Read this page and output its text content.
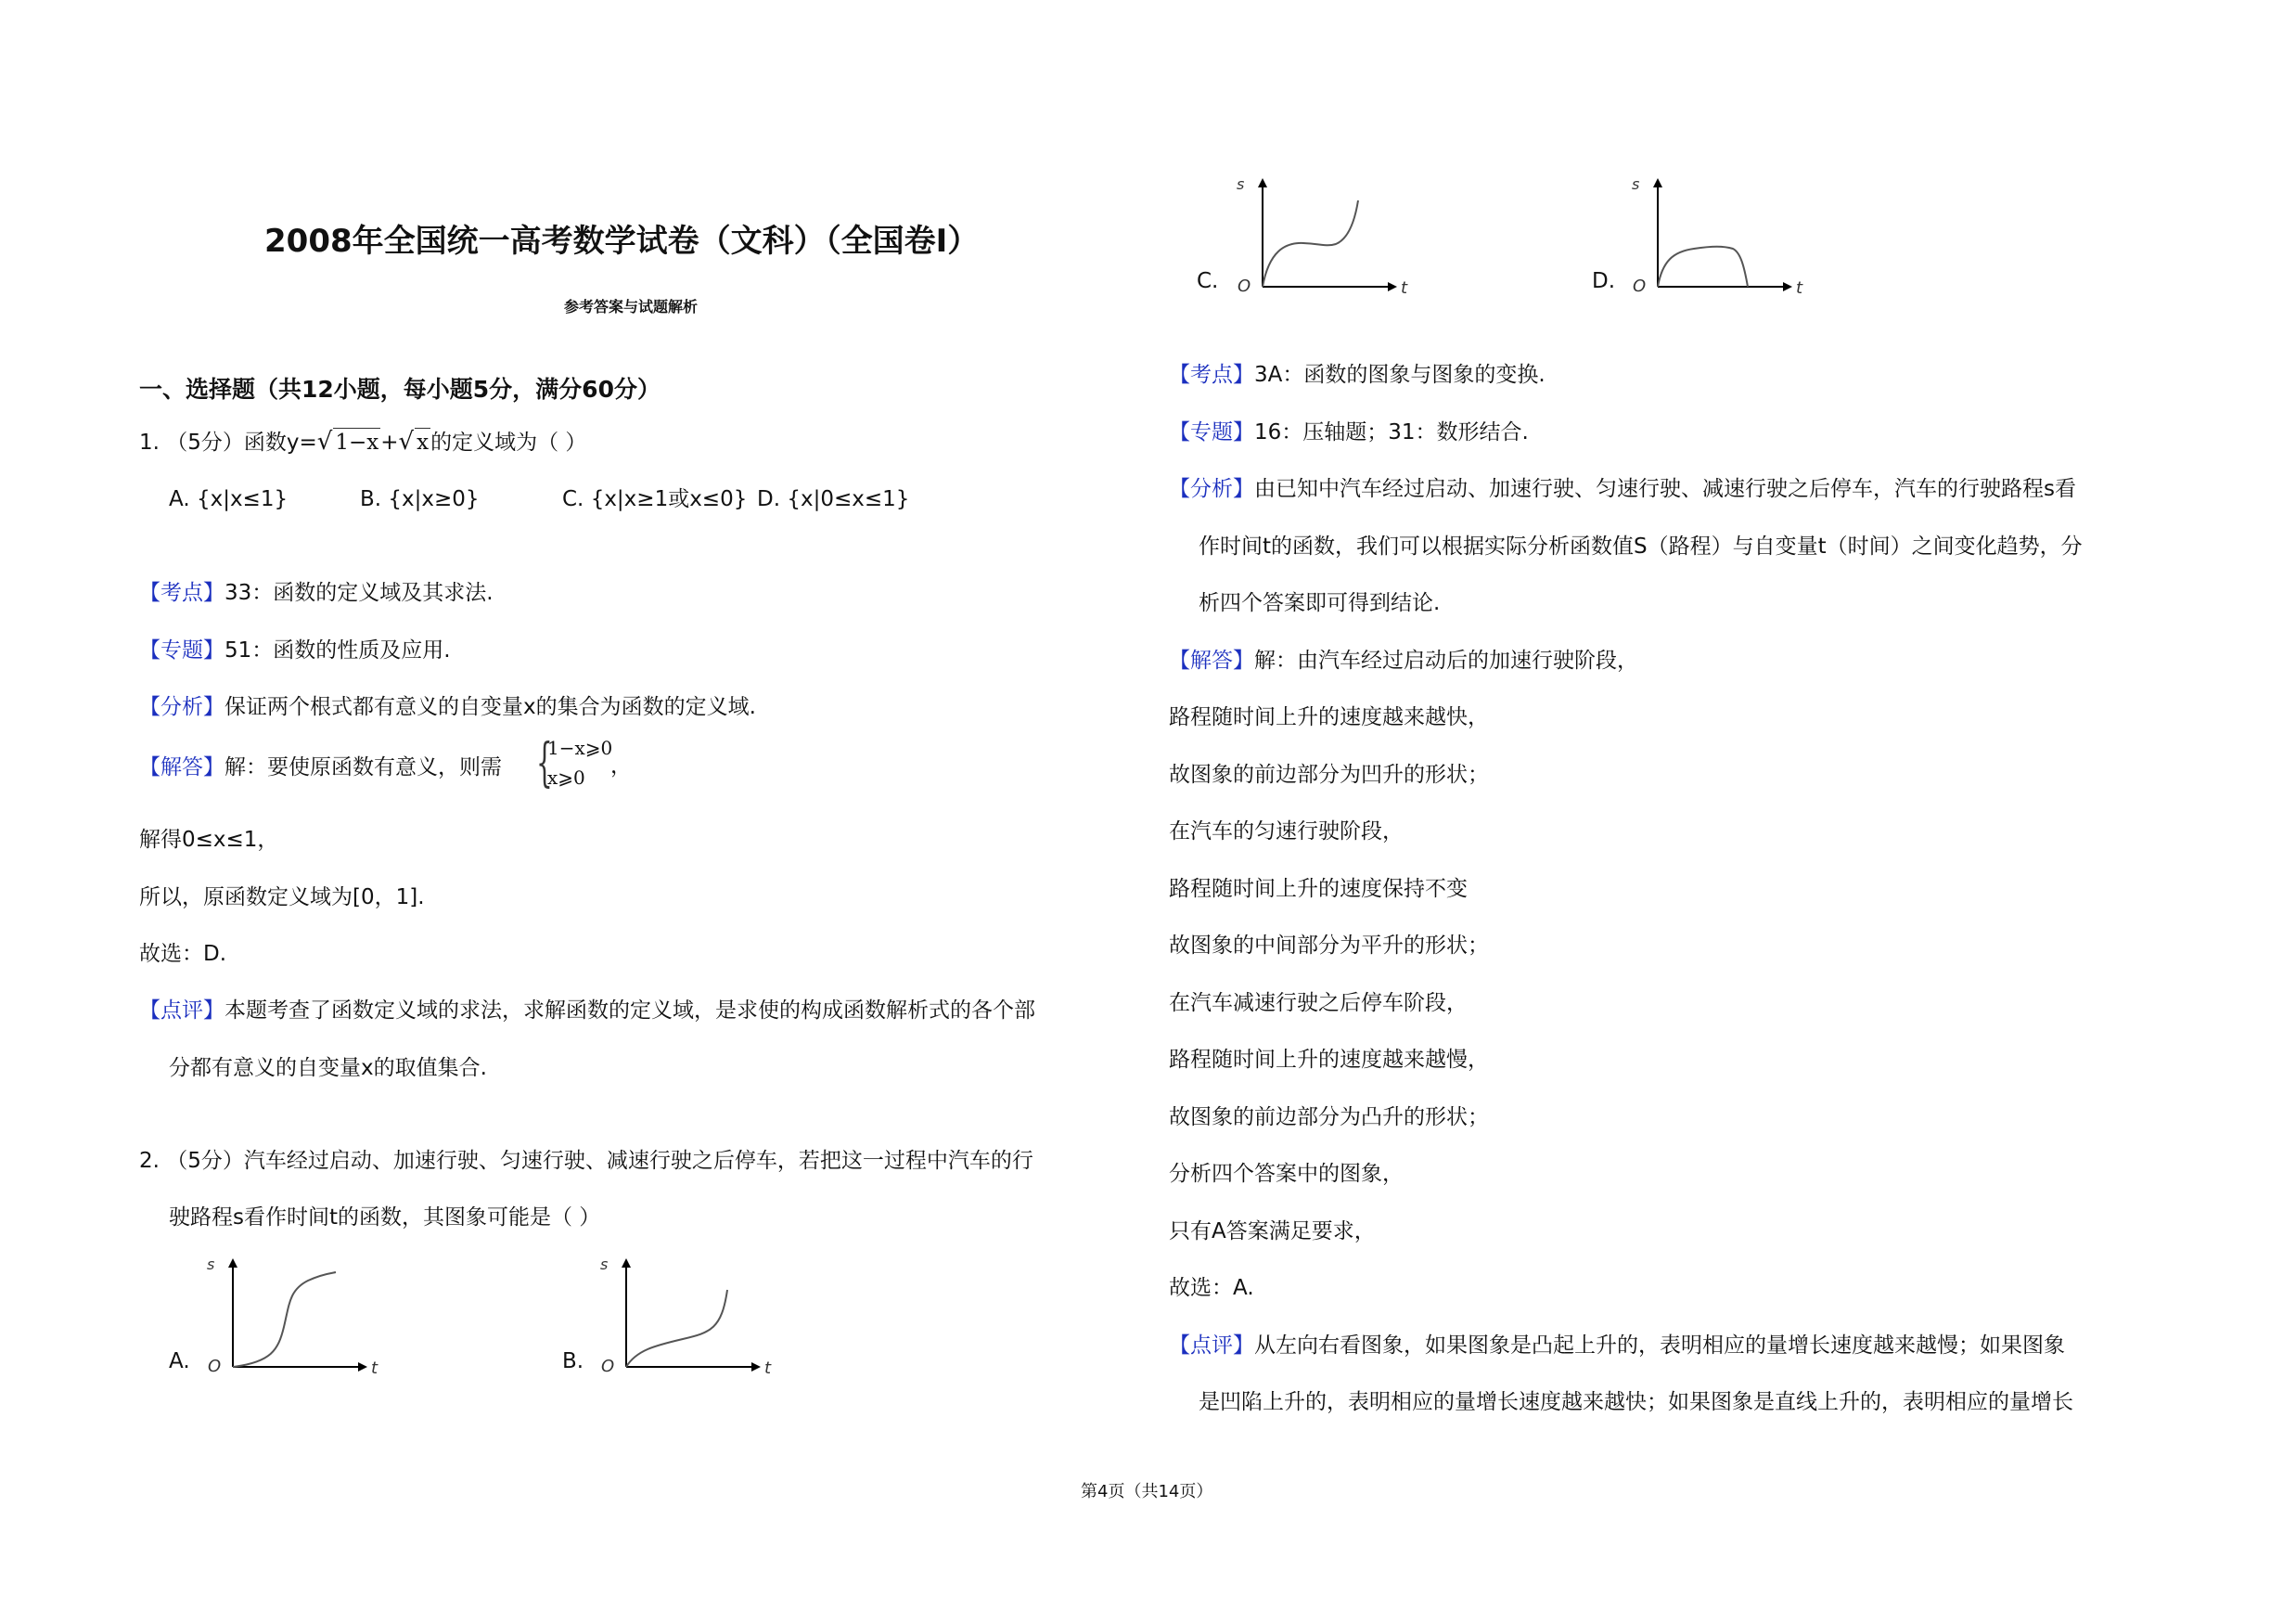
2008年全国统一高考数学试卷（文科）（全国卷I）
参考答案与试题解析
一、选择题（共12小题，每小题5分，满分60分）
1. （5分）函数y=√ 1−x+√ x的定义域为（ ）
A. {x|x≤1}	B. {x|x≥0}	C. {x|x≥1或x≤0} D. {x|0≤x≤1}
【考点】33：函数的定义域及其求法.
【专题】51：函数的性质及应用.
【分析】保证两个根式都有意义的自变量x的集合为函数的定义域.
【解答】解：要使原函数有意义，则需 {
1−x⩾0
x⩾0 ，
解得0≤x≤1，
所以，原函数定义域为[0，1].
故选：D.
【点评】本题考查了函数定义域的求法，求解函数的定义域，是求使的构成函数解析式的各个部
分都有意义的自变量x的取值集合.
2. （5分）汽车经过启动、加速行驶、匀速行驶、减速行驶之后停车，若把这一过程中汽车的行
驶路程s看作时间t的函数，其图象可能是（ ）
A. O
s
t	B. O
s
t
C. O
s
t	D. O
s
t
【考点】3A：函数的图象与图象的变换.
【专题】16：压轴题；31：数形结合.
【分析】由已知中汽车经过启动、加速行驶、匀速行驶、减速行驶之后停车，汽车的行驶路程s看
作时间t的函数，我们可以根据实际分析函数值S（路程）与自变量t（时间）之间变化趋势，分
析四个答案即可得到结论.
【解答】解：由汽车经过启动后的加速行驶阶段，
路程随时间上升的速度越来越快，
故图象的前边部分为凹升的形状；
在汽车的匀速行驶阶段，
路程随时间上升的速度保持不变
故图象的中间部分为平升的形状；
在汽车减速行驶之后停车阶段，
路程随时间上升的速度越来越慢，
故图象的前边部分为凸升的形状；
分析四个答案中的图象，
只有A答案满足要求，
故选：A.
【点评】从左向右看图象，如果图象是凸起上升的，表明相应的量增长速度越来越慢；如果图象
是凹陷上升的，表明相应的量增长速度越来越快；如果图象是直线上升的，表明相应的量增长
第4页（共14页）
